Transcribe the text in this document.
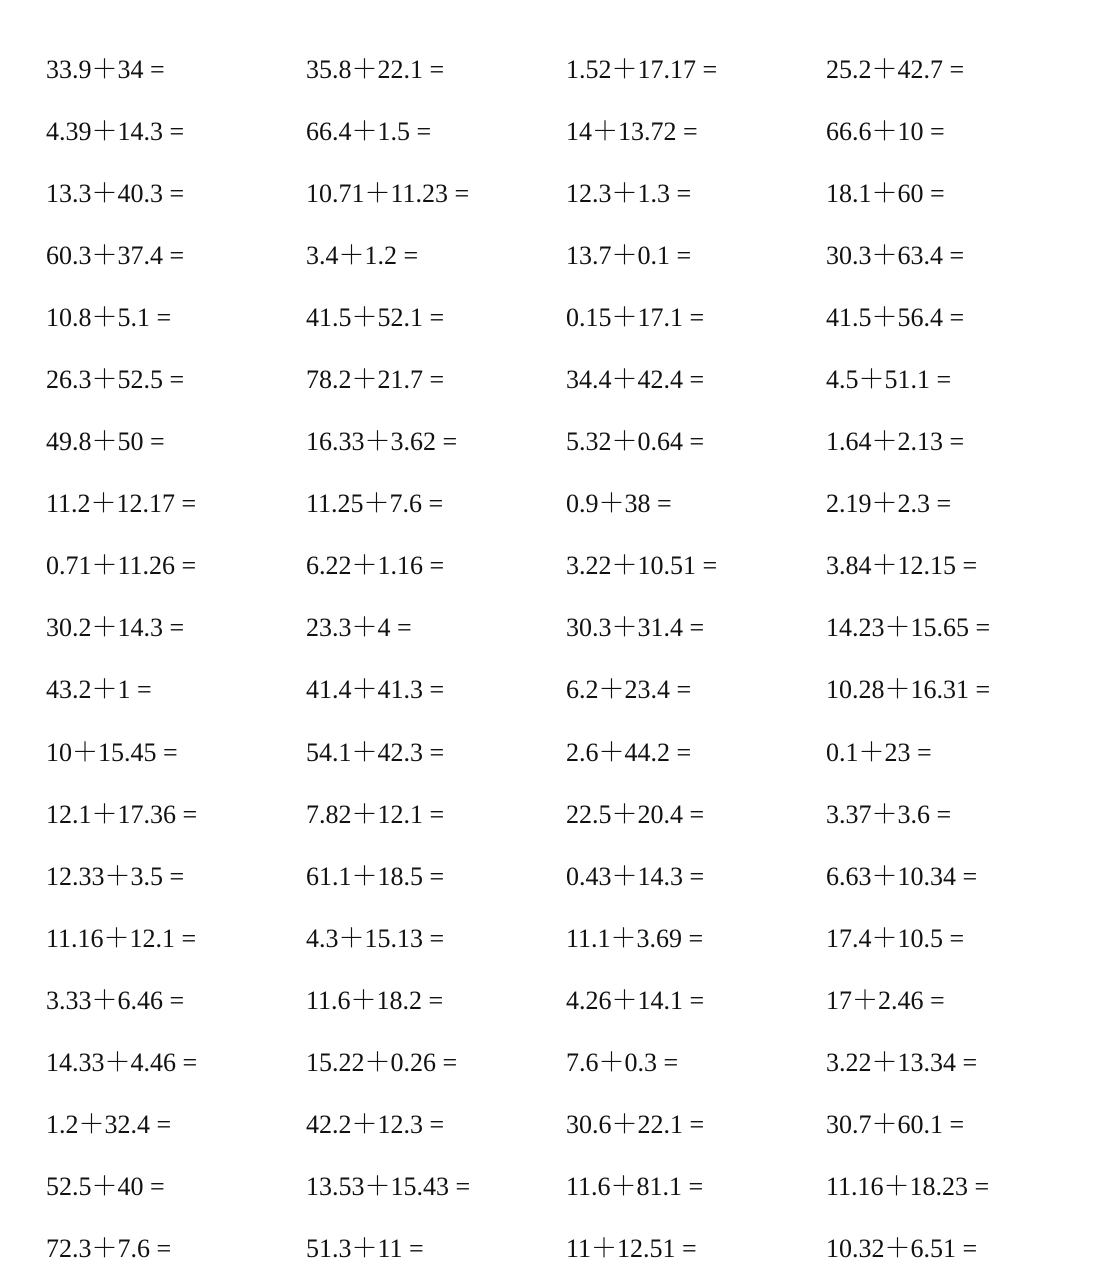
33.9＋34 =	35.8＋22.1 =	1.52＋17.17 =	25.2＋42.7 =
4.39＋14.3 =	66.4＋1.5 =	14＋13.72 =	66.6＋10 =
13.3＋40.3 =	10.71＋11.23 =	12.3＋1.3 =	18.1＋60 =
60.3＋37.4 =	3.4＋1.2 =	13.7＋0.1 =	30.3＋63.4 =
10.8＋5.1 =	41.5＋52.1 =	0.15＋17.1 =	41.5＋56.4 =
26.3＋52.5 =	78.2＋21.7 =	34.4＋42.4 =	4.5＋51.1 =
49.8＋50 =	16.33＋3.62 =	5.32＋0.64 =	1.64＋2.13 =
11.2＋12.17 =	11.25＋7.6 =	0.9＋38 =	2.19＋2.3 =
0.71＋11.26 =	6.22＋1.16 =	3.22＋10.51 =	3.84＋12.15 =
30.2＋14.3 =	23.3＋4 =	30.3＋31.4 =	14.23＋15.65 =
43.2＋1 =	41.4＋41.3 =	6.2＋23.4 =	10.28＋16.31 =
10＋15.45 =	54.1＋42.3 =	2.6＋44.2 =	0.1＋23 =
12.1＋17.36 =	7.82＋12.1 =	22.5＋20.4 =	3.37＋3.6 =
12.33＋3.5 =	61.1＋18.5 =	0.43＋14.3 =	6.63＋10.34 =
11.16＋12.1 =	4.3＋15.13 =	11.1＋3.69 =	17.4＋10.5 =
3.33＋6.46 =	11.6＋18.2 =	4.26＋14.1 =	17＋2.46 =
14.33＋4.46 =	15.22＋0.26 =	7.6＋0.3 =	3.22＋13.34 =
1.2＋32.4 =	42.2＋12.3 =	30.6＋22.1 =	30.7＋60.1 =
52.5＋40 =	13.53＋15.43 =	11.6＋81.1 =	11.16＋18.23 =
72.3＋7.6 =	51.3＋11 =	11＋12.51 =	10.32＋6.51 =
